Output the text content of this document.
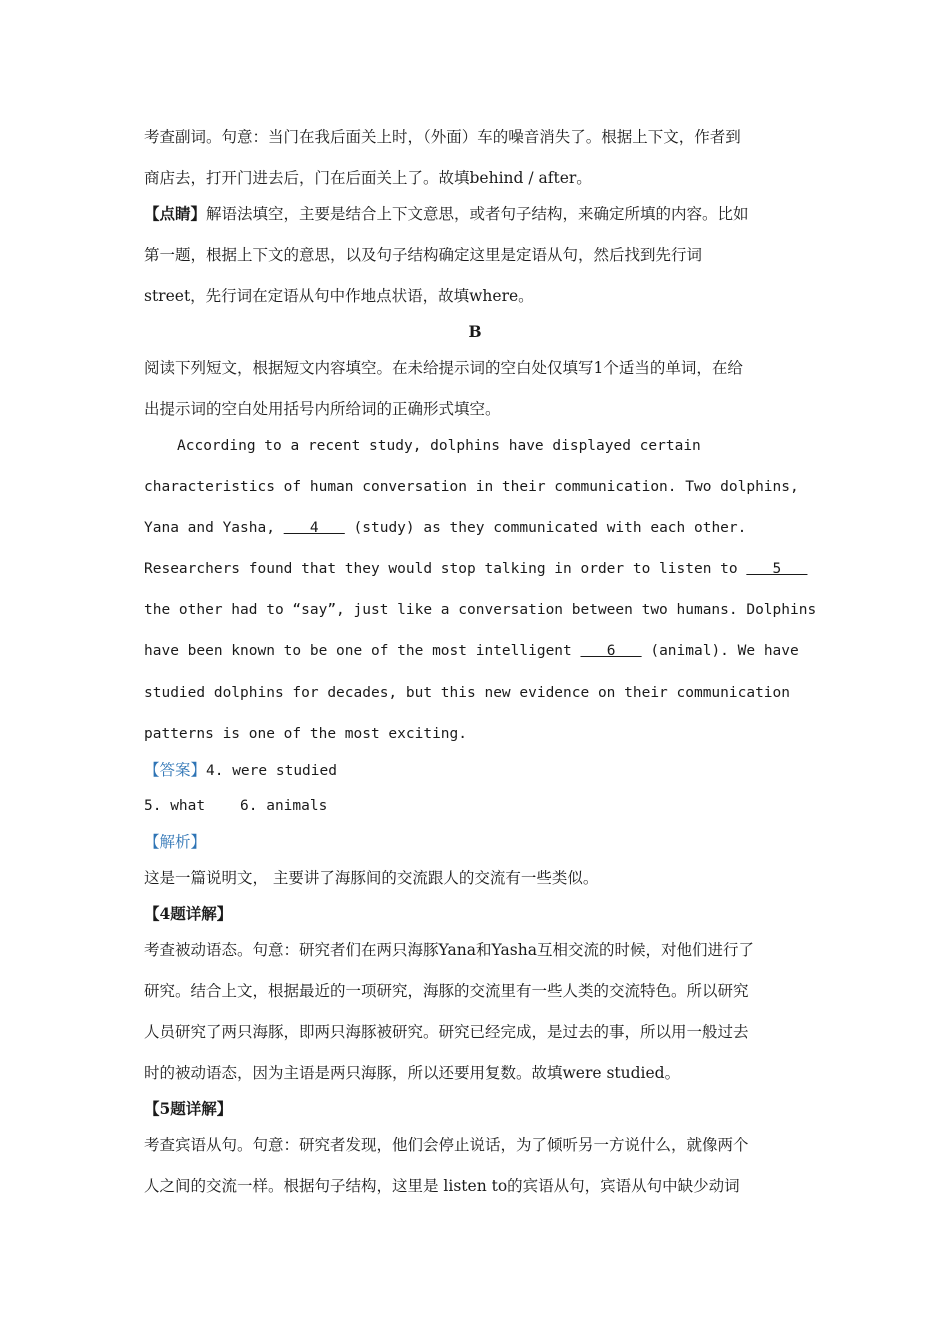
考查副词。句意：当门在我后面关上时，（外面）车的噪音消失了。根据上下文，作者到
商店去，打开门进去后，门在后面关上了。故填behind / after。
【点睛】解语法填空，主要是结合上下文意思，或者句子结构，来确定所填的内容。比如
第一题，根据上下文的意思，以及句子结构确定这里是定语从句，然后找到先行词
street，先行词在定语从句中作地点状语，故填where。
B
阅读下列短文，根据短文内容填空。在未给提示词的空白处仅填写1个适当的单词，在给
出提示词的空白处用括号内所给词的正确形式填空。
According to a recent study, dolphins have displayed certain
characteristics of human conversation in their communication. Two dolphins,
Yana and Yasha,    4    (study) as they communicated with each other.
Researchers found that they would stop talking in order to listen to    5
the other had to “say”, just like a conversation between two humans. Dolphins
have been known to be one of the most intelligent    6    (animal). We have
studied dolphins for decades, but this new evidence on their communication
patterns is one of the most exciting.
【答案】4. were studied
5. what    6. animals
【解析】
这是一篇说明文， 主要讲了海豚间的交流跟人的交流有一些类似。
【4题详解】
考查被动语态。句意：研究者们在两只海豚Yana和Yasha互相交流的时候，对他们进行了
研究。结合上文，根据最近的一项研究，海豚的交流里有一些人类的交流特色。所以研究
人员研究了两只海豚，即两只海豚被研究。研究已经完成，是过去的事，所以用一般过去
时的被动语态，因为主语是两只海豚，所以还要用复数。故填were studied。
【5题详解】
考查宾语从句。句意：研究者发现，他们会停止说话，为了倾听另一方说什么，就像两个
人之间的交流一样。根据句子结构，这里是 listen to的宾语从句，宾语从句中缺少动词
